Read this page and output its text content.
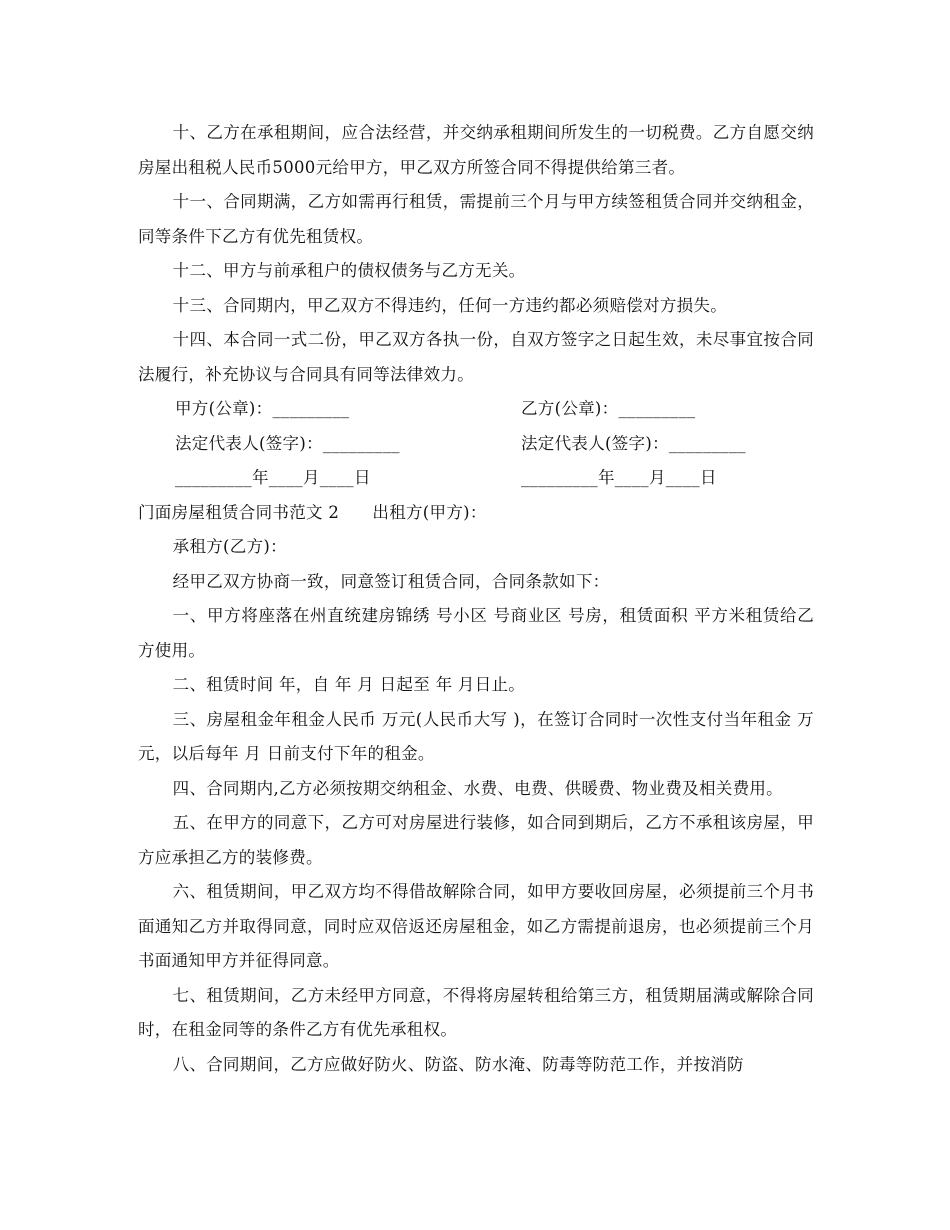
十、乙方在承租期间，应合法经营，并交纳承租期间所发生的一切税费。乙方自愿交纳房屋出租税人民币5000元给甲方，甲乙双方所签合同不得提供给第三者。

十一、合同期满，乙方如需再行租赁，需提前三个月与甲方续签租赁合同并交纳租金，同等条件下乙方有优先租赁权。

十二、甲方与前承租户的债权债务与乙方无关。

十三、合同期内，甲乙双方不得违约，任何一方违约都必须赔偿对方损失。

十四、本合同一式二份，甲乙双方各执一份，自双方签字之日起生效，未尽事宜按合同法履行，补充协议与合同具有同等法律效力。

甲方(公章)：_________	乙方(公章)：_________
法定代表人(签字)：_________	法定代表人(签字)：_________
_________年____月____日	_________年____月____日

门面房屋租赁合同书范文 2      出租方(甲方)：

承租方(乙方)：

经甲乙双方协商一致，同意签订租赁合同，合同条款如下：

一、甲方将座落在州直统建房锦绣 号小区 号商业区 号房，租赁面积 平方米租赁给乙方使用。

二、租赁时间 年，自 年 月 日起至 年 月日止。

三、房屋租金年租金人民币 万元(人民币大写 )，在签订合同时一次性支付当年租金 万元，以后每年 月 日前支付下年的租金。

四、合同期内,乙方必须按期交纳租金、水费、电费、供暖费、物业费及相关费用。

五、在甲方的同意下，乙方可对房屋进行装修，如合同到期后，乙方不承租该房屋，甲方应承担乙方的装修费。

六、租赁期间，甲乙双方均不得借故解除合同，如甲方要收回房屋，必须提前三个月书面通知乙方并取得同意，同时应双倍返还房屋租金，如乙方需提前退房，也必须提前三个月书面通知甲方并征得同意。

七、租赁期间，乙方未经甲方同意，不得将房屋转租给第三方，租赁期届满或解除合同时，在租金同等的条件乙方有优先承租权。

八、合同期间，乙方应做好防火、防盗、防水淹、防毒等防范工作，并按消防
